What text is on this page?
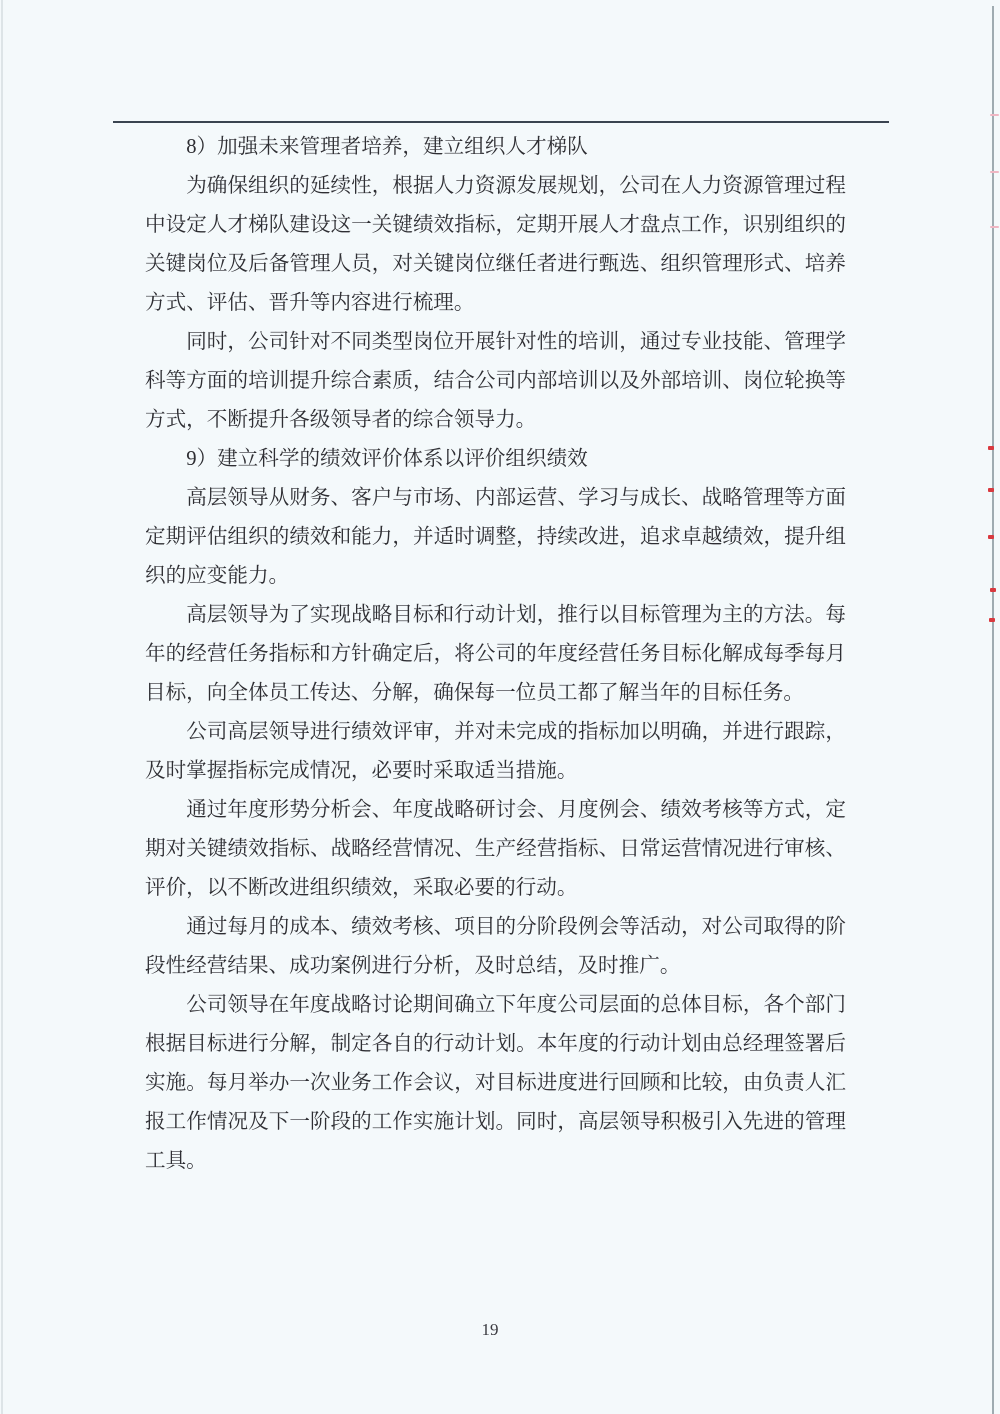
8）加强未来管理者培养，建立组织人才梯队

为确保组织的延续性，根据人力资源发展规划，公司在人力资源管理过程中设定人才梯队建设这一关键绩效指标，定期开展人才盘点工作，识别组织的关键岗位及后备管理人员，对关键岗位继任者进行甄选、组织管理形式、培养方式、评估、晋升等内容进行梳理。

同时，公司针对不同类型岗位开展针对性的培训，通过专业技能、管理学科等方面的培训提升综合素质，结合公司内部培训以及外部培训、岗位轮换等方式，不断提升各级领导者的综合领导力。

9）建立科学的绩效评价体系以评价组织绩效

高层领导从财务、客户与市场、内部运营、学习与成长、战略管理等方面定期评估组织的绩效和能力，并适时调整，持续改进，追求卓越绩效，提升组织的应变能力。

高层领导为了实现战略目标和行动计划，推行以目标管理为主的方法。每年的经营任务指标和方针确定后，将公司的年度经营任务目标化解成每季每月目标，向全体员工传达、分解，确保每一位员工都了解当年的目标任务。

公司高层领导进行绩效评审，并对未完成的指标加以明确，并进行跟踪，及时掌握指标完成情况，必要时采取适当措施。

通过年度形势分析会、年度战略研讨会、月度例会、绩效考核等方式，定期对关键绩效指标、战略经营情况、生产经营指标、日常运营情况进行审核、评价，以不断改进组织绩效，采取必要的行动。

通过每月的成本、绩效考核、项目的分阶段例会等活动，对公司取得的阶段性经营结果、成功案例进行分析，及时总结，及时推广。

公司领导在年度战略讨论期间确立下年度公司层面的总体目标，各个部门根据目标进行分解，制定各自的行动计划。本年度的行动计划由总经理签署后实施。每月举办一次业务工作会议，对目标进度进行回顾和比较，由负责人汇报工作情况及下一阶段的工作实施计划。同时，高层领导积极引入先进的管理工具。

19
